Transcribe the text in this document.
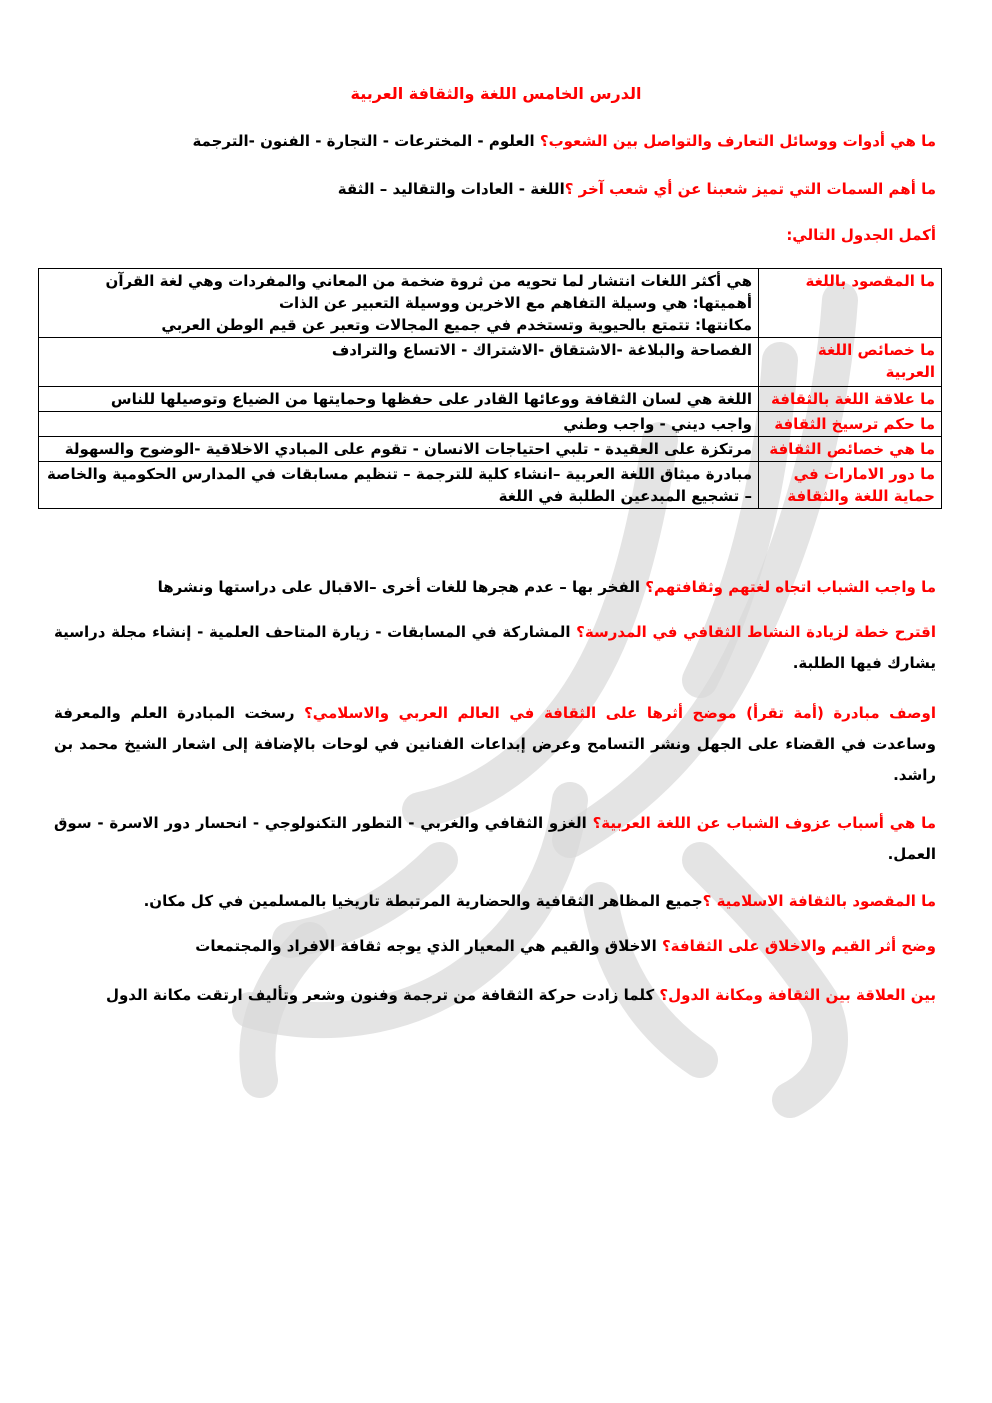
الدرس الخامس اللغة والثقافة العربية
ما هي أدوات ووسائل التعارف والتواصل بين الشعوب؟ العلوم - المخترعات - التجارة - الفنون -الترجمة
ما أهم السمات التي تميز شعبنا عن أي شعب آخر ؟اللغة - العادات والتقاليد – الثقة
أكمل الجدول التالي:
ما المقصود باللغة	هي أكثر اللغات انتشار لما تحويه من ثروة ضخمة من المعاني والمفردات وهي لغة القرآن
أهميتها: هي وسيلة التفاهم مع الاخرين ووسيلة التعبير عن الذات
مكانتها: تتمتع بالحيوية وتستخدم في جميع المجالات وتعبر عن قيم الوطن العربي

ما خصائص اللغة العربية	الفصاحة والبلاغة -الاشتقاق -الاشتراك - الاتساع والترادف

ما علاقة اللغة بالثقافة	اللغة هي لسان الثقافة ووعائها القادر على حفظها وحمايتها من الضياع وتوصيلها للناس

ما حكم ترسيخ الثقافة	واجب ديني - واجب وطني

ما هي خصائص الثقافة	مرتكزة على العقيدة - تلبي احتياجات الانسان - تقوم على المبادي الاخلاقية -الوضوح والسهولة

ما دور الامارات في حماية اللغة والثقافة	مبادرة ميثاق اللغة العربية –انشاء كلية للترجمة – تنظيم مسابقات في المدارس الحكومية والخاصة – تشجيع المبدعين الطلبة في اللغة
ما واجب الشباب اتجاه لغتهم وثقافتهم؟ الفخر بها – عدم هجرها للغات أخرى –الاقبال على دراستها ونشرها
اقترح خطة لزيادة النشاط الثقافي في المدرسة؟ المشاركة في المسابقات - زيارة المتاحف العلمية - إنشاء مجلة دراسية يشارك فيها الطلبة.
اوصف مبادرة (أمة تقرأ) موضح أثرها على الثقافة في العالم العربي والاسلامي؟ رسخت المبادرة العلم والمعرفة وساعدت في القضاء على الجهل ونشر التسامح وعرض إبداعات الفنانين في لوحات بالإضافة إلى اشعار الشيخ محمد بن راشد.
ما هي أسباب عزوف الشباب عن اللغة العربية؟ الغزو الثقافي والغربي - التطور التكنولوجي - انحسار دور الاسرة - سوق العمل.
ما المقصود بالثقافة الاسلامية ؟جميع المظاهر الثقافية والحضارية المرتبطة تاريخيا بالمسلمين في كل مكان.
وضح أثر القيم والاخلاق على الثقافة؟ الاخلاق والقيم هي المعيار الذي يوجه ثقافة الافراد والمجتمعات
بين العلاقة بين الثقافة ومكانة الدول؟ كلما زادت حركة الثقافة من ترجمة وفنون وشعر وتأليف ارتقت مكانة الدول
